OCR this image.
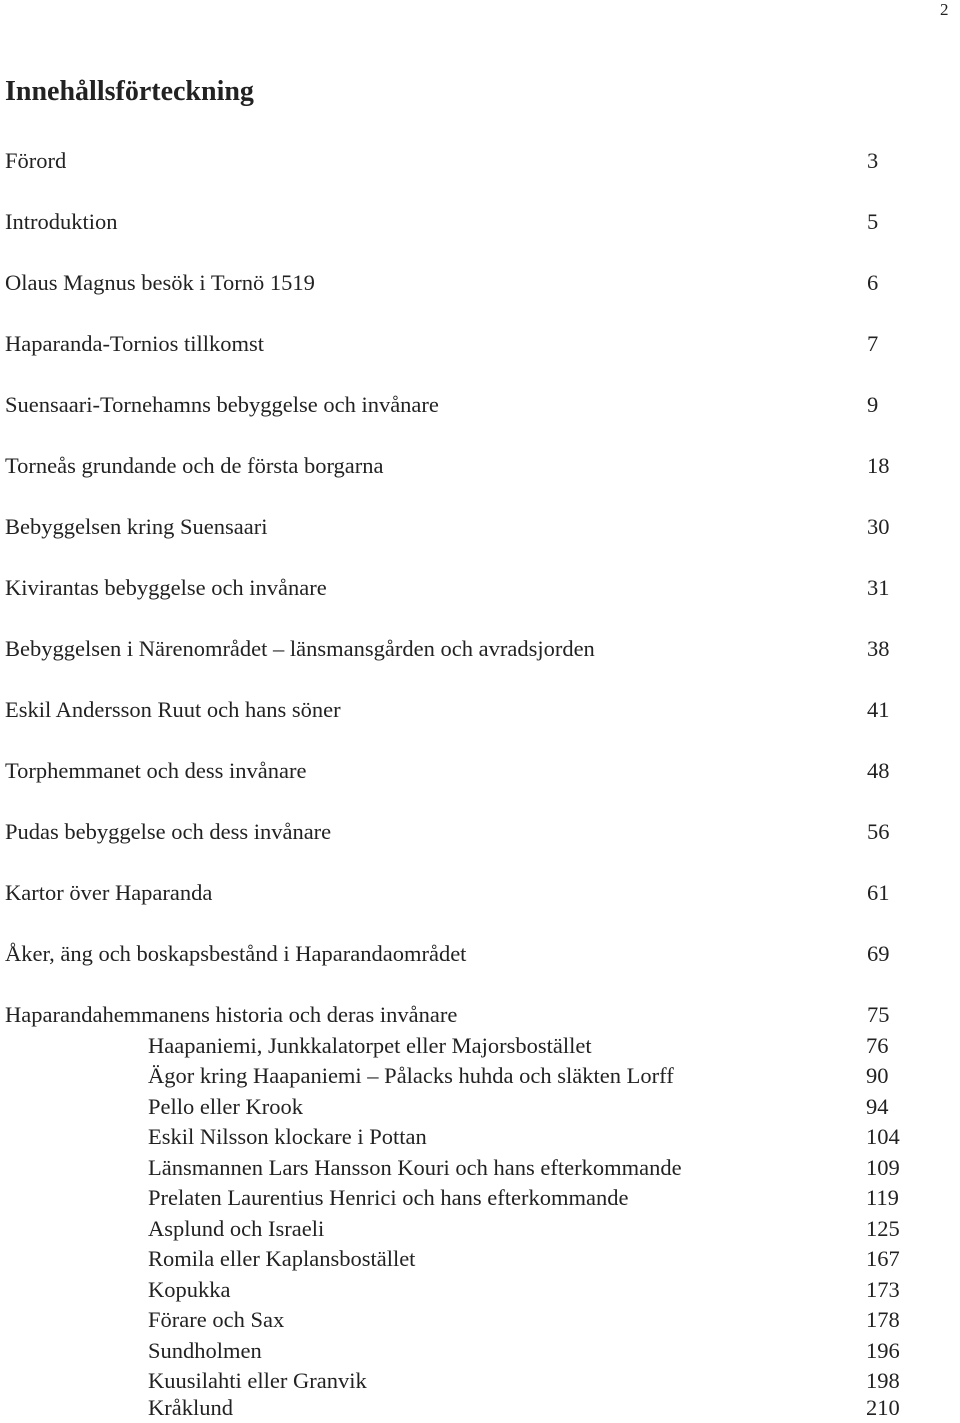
2
Innehållsförteckning
Förord	3
Introduktion	5
Olaus Magnus besök i Tornö 1519	6
Haparanda-Tornios tillkomst	7
Suensaari-Tornehamns bebyggelse och invånare	9
Torneås grundande och de första borgarna	18
Bebyggelsen kring Suensaari	30
Kivirantas bebyggelse och invånare	31
Bebyggelsen i Närenområdet – länsmansgården och avradsjorden	38
Eskil Andersson Ruut och hans söner	41
Torphemmanet och dess invånare	48
Pudas bebyggelse och dess invånare	56
Kartor över Haparanda	61
Åker, äng och boskapsbestånd i Haparandaområdet	69
Haparandahemmanens historia och deras invånare	75
Haapaniemi, Junkkalatorpet eller Majorsbostället	76
Ägor kring Haapaniemi – Pålacks huhda och släkten Lorff	90
Pello eller Krook	94
Eskil Nilsson klockare i Pottan	104
Länsmannen Lars Hansson Kouri och hans efterkommande	109
Prelaten Laurentius Henrici och hans efterkommande	119
Asplund och Israeli	125
Romila eller Kaplansbostället	167
Kopukka	173
Förare och Sax	178
Sundholmen	196
Kuusilahti eller Granvik	198
Kråklund	210
